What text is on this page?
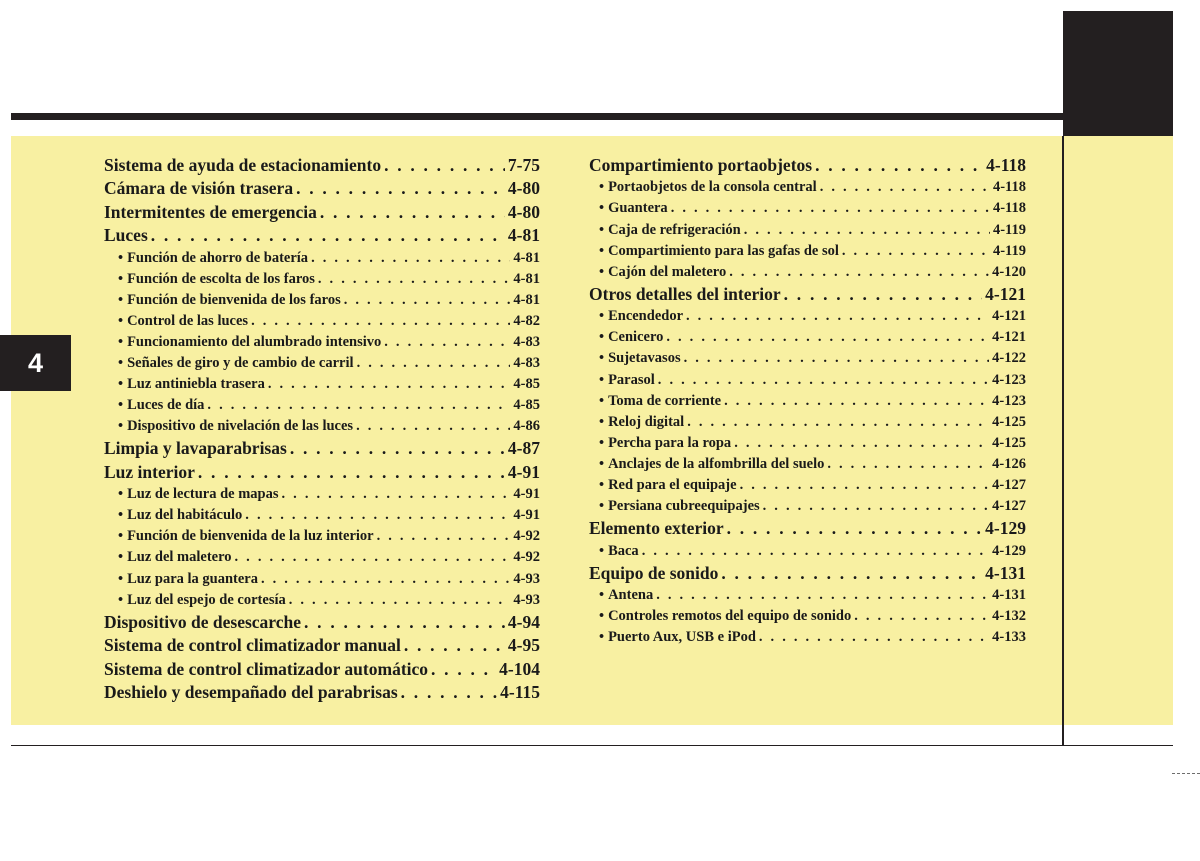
4
Sistema de ayuda de estacionamiento . . .	7-75
Cámara de visión trasera . . .	4-80
Intermitentes de emergencia . . .	4-80
Luces . . .	4-81
• Función de ahorro de batería . . .	4-81
• Función de escolta de los faros . . .	4-81
• Función de bienvenida de los faros . . .	4-81
• Control de las luces . . .	4-82
• Funcionamiento del alumbrado intensivo . . .	4-83
• Señales de giro y de cambio de carril . . .	4-83
• Luz antiniebla trasera . . .	4-85
• Luces de día . . .	4-85
• Dispositivo de nivelación de las luces . . .	4-86
Limpia y lavaparabrisas . . .	4-87
Luz interior . . .	4-91
• Luz de lectura de mapas . . .	4-91
• Luz del habitáculo . . .	4-91
• Función de bienvenida de la luz interior . . .	4-92
• Luz del maletero . . .	4-92
• Luz para la guantera . . .	4-93
• Luz del espejo de cortesía . . .	4-93
Dispositivo de desescarche . . .	4-94
Sistema de control climatizador manual . . .	4-95
Sistema de control climatizador automático . . .	4-104
Deshielo y desempañado del parabrisas . . .	4-115
Compartimiento portaobjetos . . .	4-118
• Portaobjetos de la consola central . . .	4-118
• Guantera . . .	4-118
• Caja de refrigeración . . .	4-119
• Compartimiento para las gafas de sol . . .	4-119
• Cajón del maletero . . .	4-120
Otros detalles del interior . . .	4-121
• Encendedor . . .	4-121
• Cenicero . . .	4-121
• Sujetavasos . . .	4-122
• Parasol . . .	4-123
• Toma de corriente . . .	4-123
• Reloj digital . . .	4-125
• Percha para la ropa . . .	4-125
• Anclajes de la alfombrilla del suelo . . .	4-126
• Red para el equipaje . . .	4-127
• Persiana cubreequipajes . . .	4-127
Elemento exterior . . .	4-129
• Baca . . .	4-129
Equipo de sonido . . .	4-131
• Antena . . .	4-131
• Controles remotos del equipo de sonido . . .	4-132
• Puerto Aux, USB e iPod . . .	4-133
